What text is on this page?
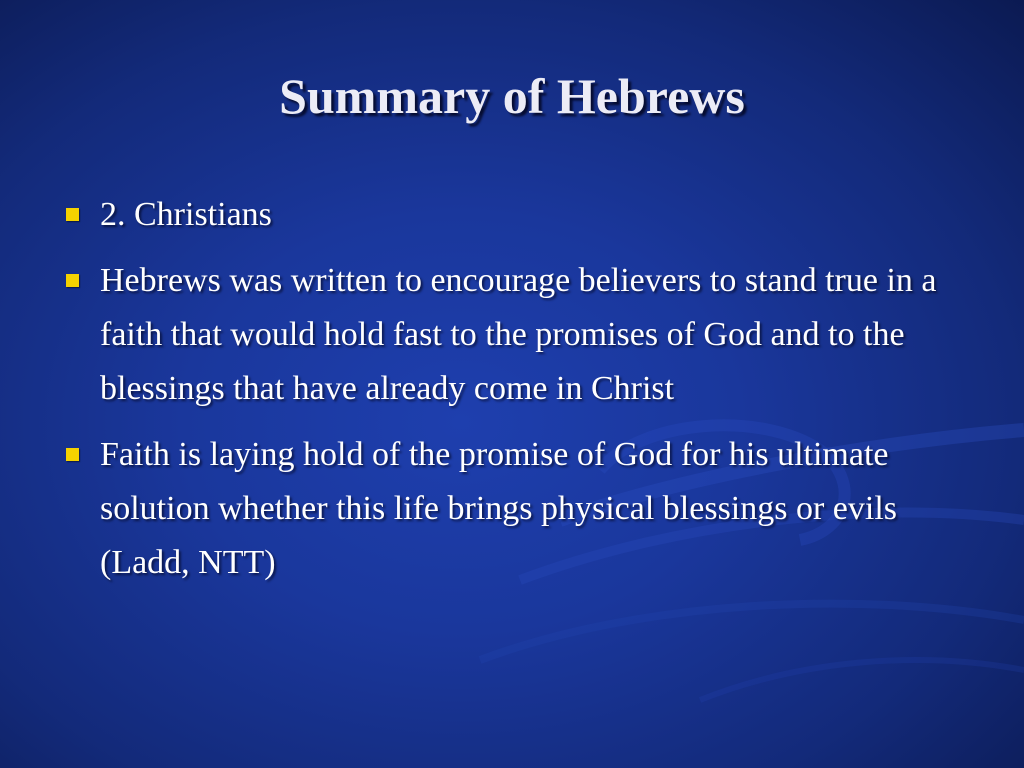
Summary of Hebrews
2. Christians
Hebrews was written to encourage believers to stand true in a faith that would hold fast to the promises of God and to the blessings that have already come in Christ
Faith is laying hold of the promise of God for his ultimate solution whether this life brings physical blessings or evils (Ladd, NTT)
